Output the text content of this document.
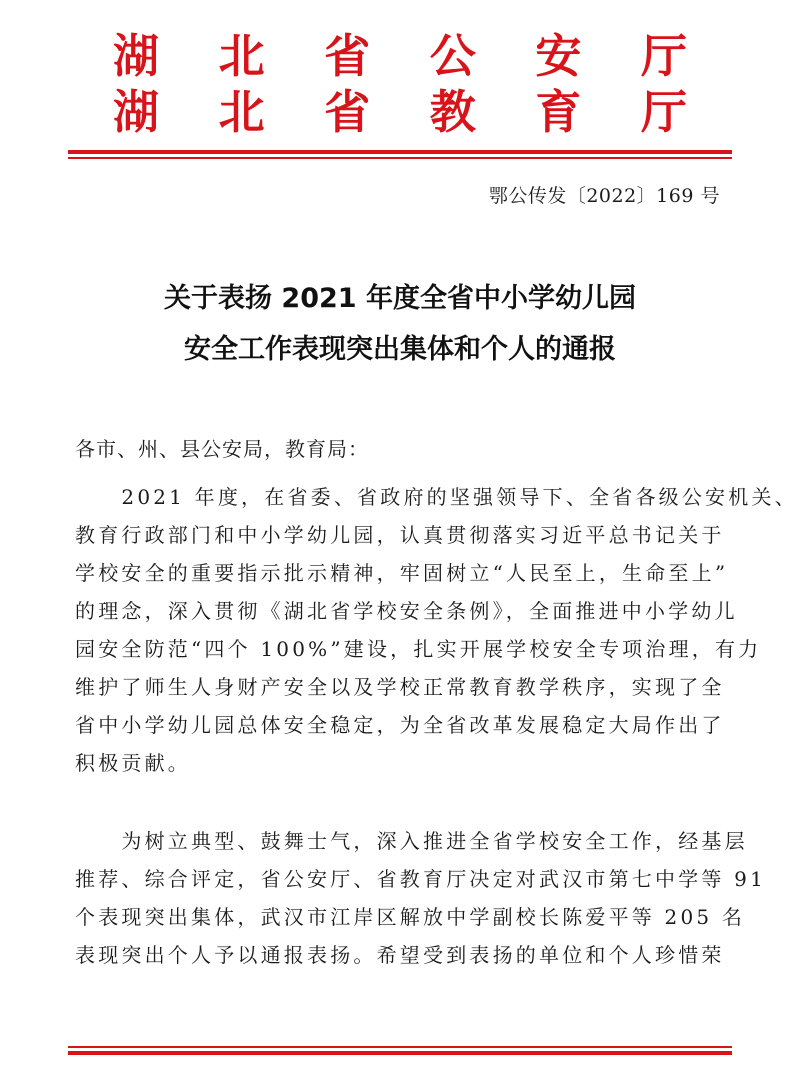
湖 北 省 公 安 厅
湖 北 省 教 育 厅
鄂公传发〔2022〕169 号
关于表扬 2021 年度全省中小学幼儿园
安全工作表现突出集体和个人的通报
各市、州、县公安局，教育局：
　　2021 年度，在省委、省政府的坚强领导下、全省各级公安机关、
教育行政部门和中小学幼儿园，认真贯彻落实习近平总书记关于
学校安全的重要指示批示精神，牢固树立“人民至上，生命至上”
的理念，深入贯彻《湖北省学校安全条例》，全面推进中小学幼儿
园安全防范“四个 100%”建设，扎实开展学校安全专项治理，有力
维护了师生人身财产安全以及学校正常教育教学秩序，实现了全
省中小学幼儿园总体安全稳定，为全省改革发展稳定大局作出了
积极贡献。
　　为树立典型、鼓舞士气，深入推进全省学校安全工作，经基层
推荐、综合评定，省公安厅、省教育厅决定对武汉市第七中学等 91
个表现突出集体，武汉市江岸区解放中学副校长陈爱平等 205 名
表现突出个人予以通报表扬。希望受到表扬的单位和个人珍惜荣
